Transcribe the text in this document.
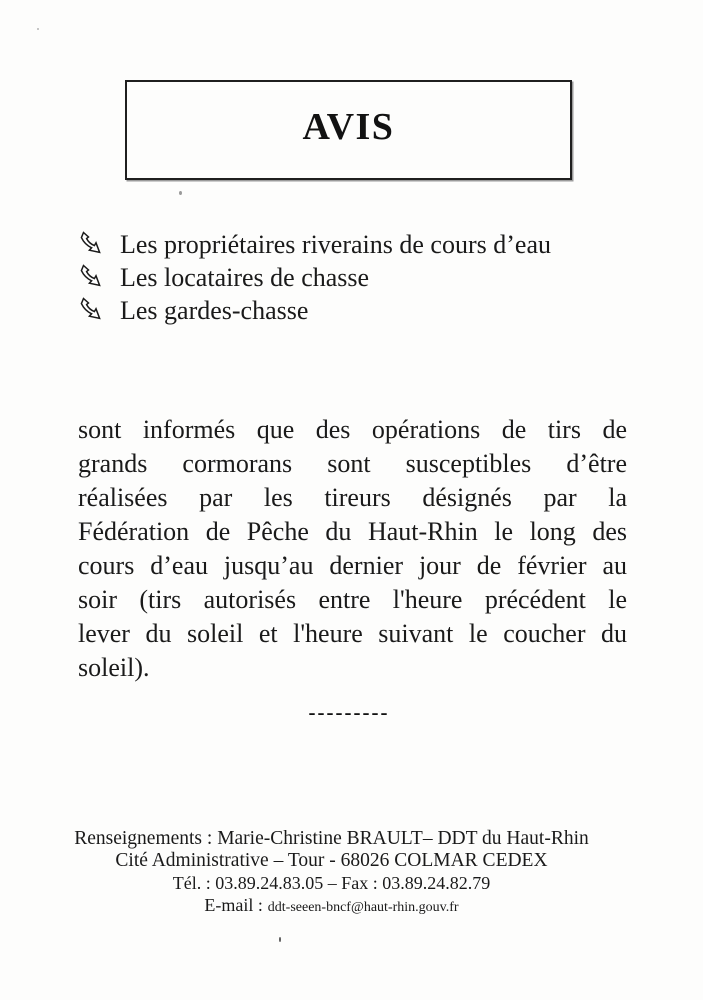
AVIS
Les propriétaires riverains de cours d’eau
Les locataires de chasse
Les gardes-chasse
sont informés que des opérations de tirs de
grands cormorans sont susceptibles d’être
réalisées par les tireurs désignés par la
Fédération de Pêche du Haut-Rhin le long des
cours d’eau jusqu’au dernier jour de février au
soir (tirs autorisés entre l'heure précédent le
lever du soleil et l'heure suivant le coucher du
soleil).
---------
Renseignements : Marie-Christine BRAULT– DDT du Haut-Rhin
Cité Administrative – Tour - 68026 COLMAR CEDEX
Tél. : 03.89.24.83.05 – Fax : 03.89.24.82.79
E-mail : ddt-seeen-bncf@haut-rhin.gouv.fr
